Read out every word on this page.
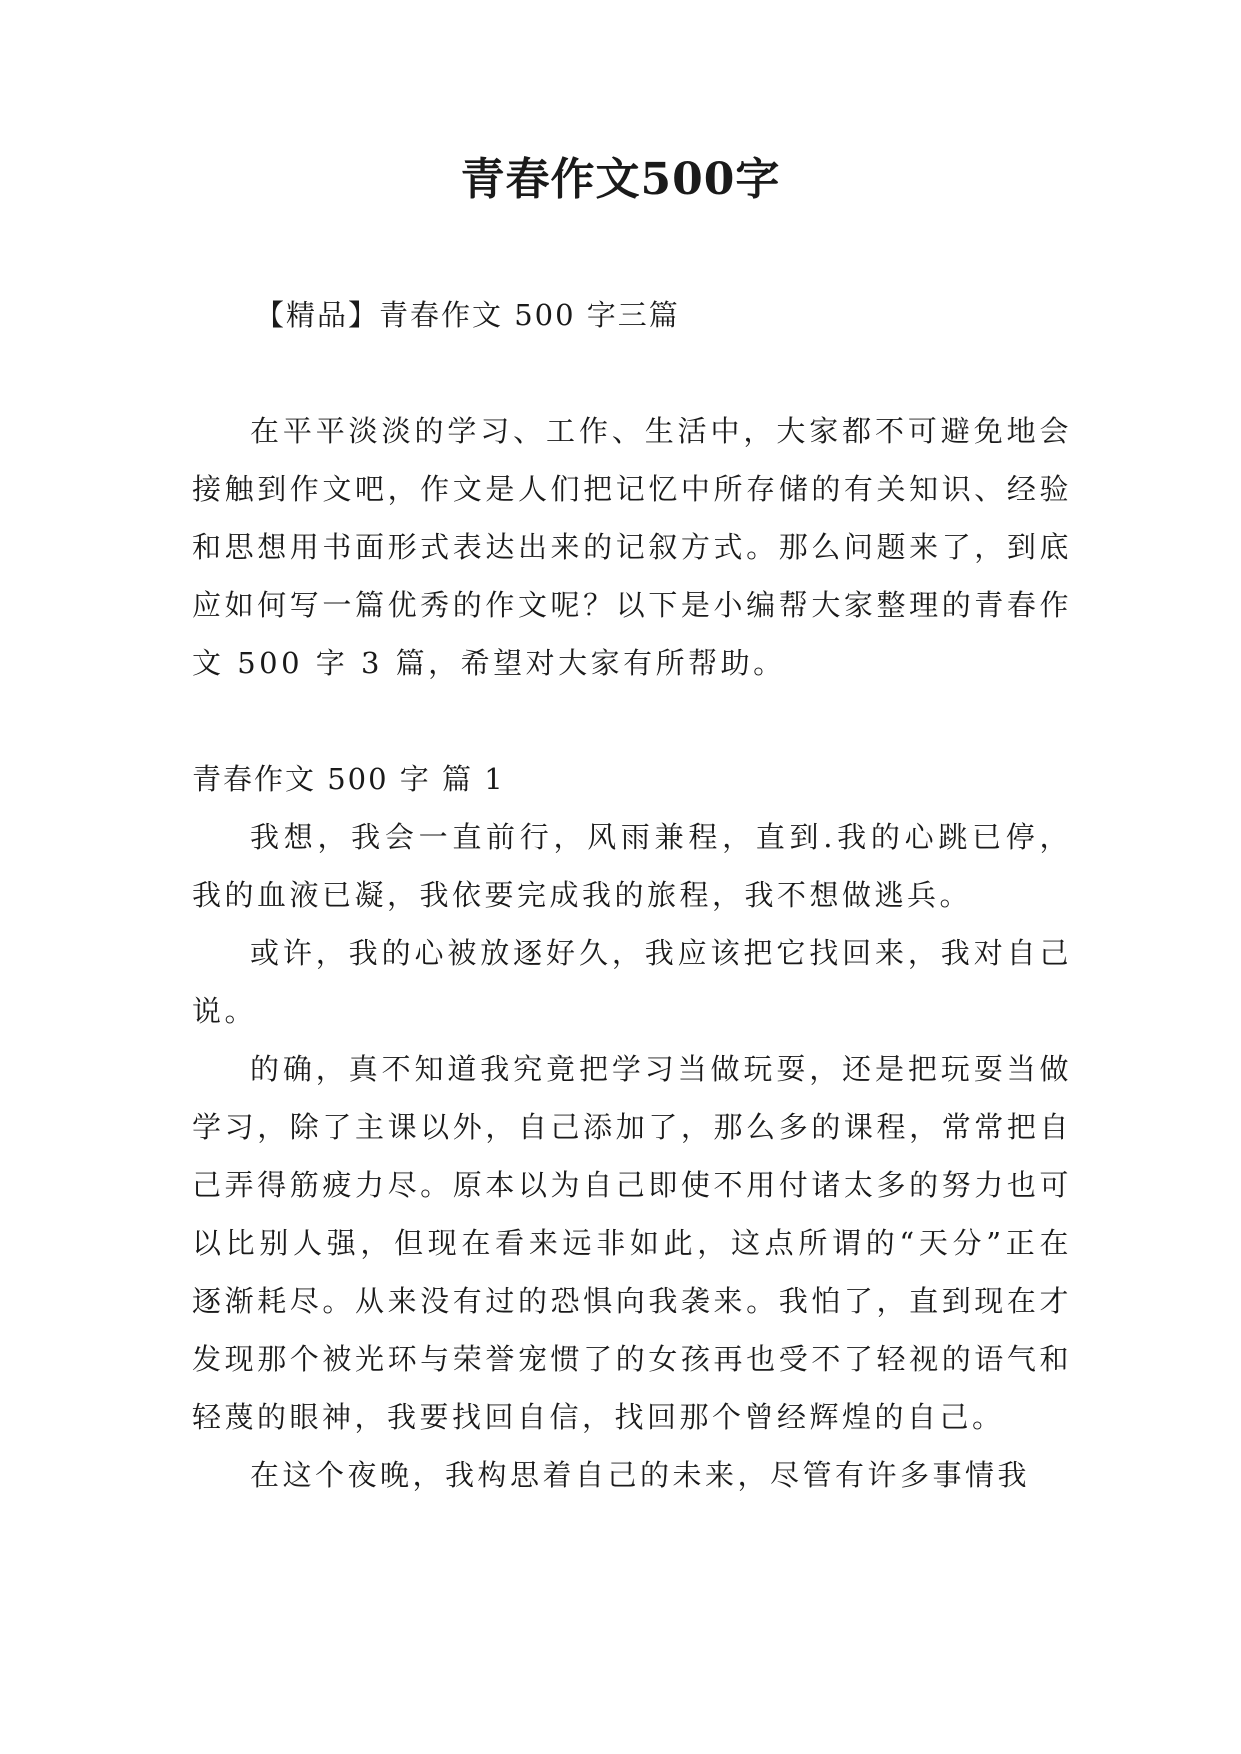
青春作文500字

【精品】青春作文 500 字三篇

在平平淡淡的学习、工作、生活中，大家都不可避免地会接触到作文吧，作文是人们把记忆中所存储的有关知识、经验和思想用书面形式表达出来的记叙方式。那么问题来了，到底应如何写一篇优秀的作文呢？以下是小编帮大家整理的青春作文 500 字 3 篇，希望对大家有所帮助。

青春作文 500 字 篇 1

我想，我会一直前行，风雨兼程，直到.我的心跳已停，我的血液已凝，我依要完成我的旅程，我不想做逃兵。

或许，我的心被放逐好久，我应该把它找回来，我对自己说。

的确，真不知道我究竟把学习当做玩耍，还是把玩耍当做学习，除了主课以外，自己添加了，那么多的课程，常常把自己弄得筋疲力尽。原本以为自己即使不用付诸太多的努力也可以比别人强，但现在看来远非如此，这点所谓的“天分”正在逐渐耗尽。从来没有过的恐惧向我袭来。我怕了，直到现在才发现那个被光环与荣誉宠惯了的女孩再也受不了轻视的语气和轻蔑的眼神，我要找回自信，找回那个曾经辉煌的自己。

在这个夜晚，我构思着自己的未来，尽管有许多事情我
